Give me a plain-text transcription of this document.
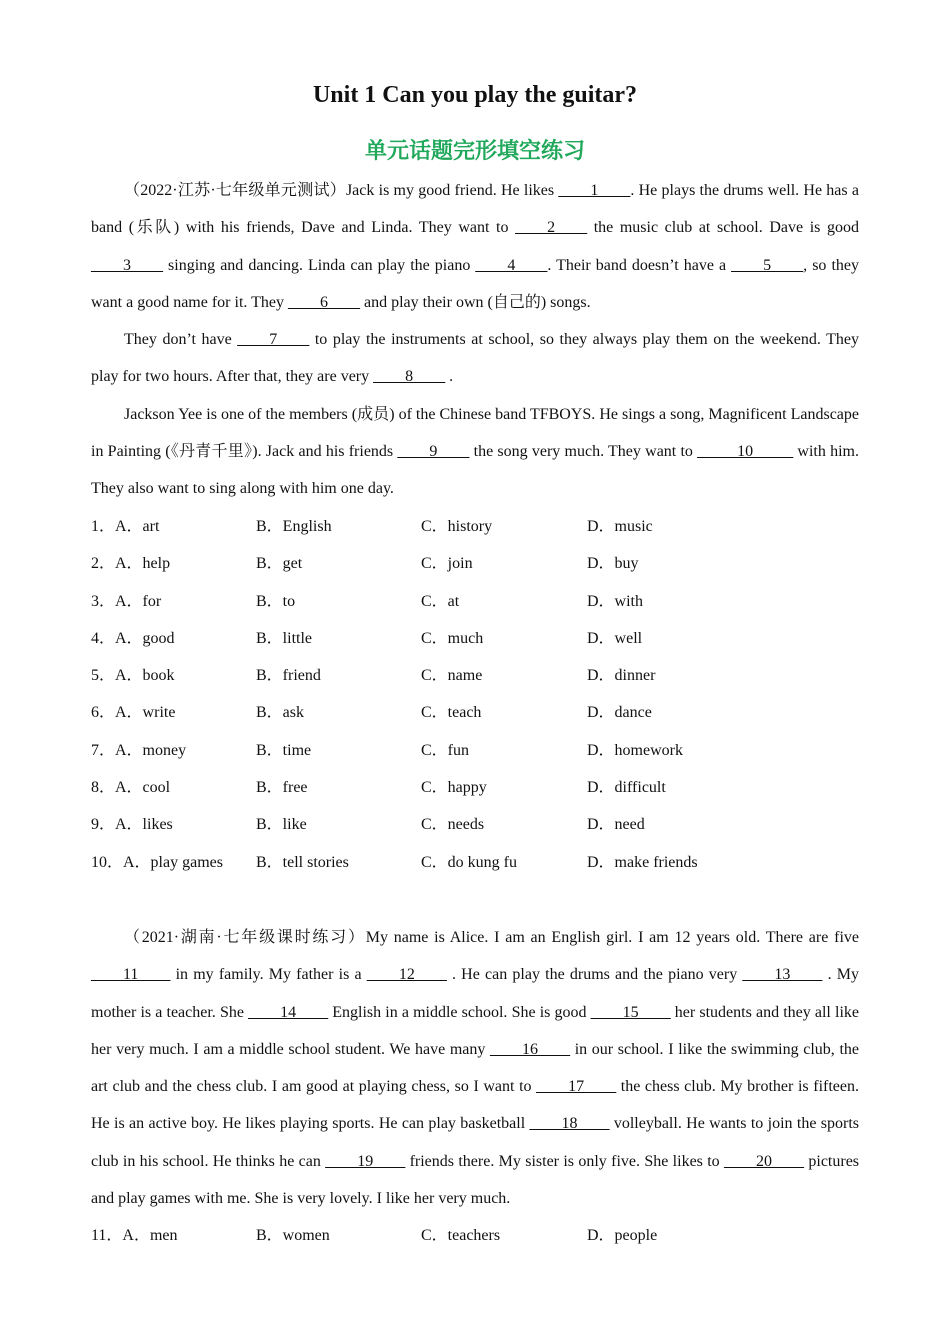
Unit 1 Can you play the guitar?
单元话题完形填空练习

（2022·江苏·七年级单元测试）Jack is my good friend. He likes ____1____. He plays the drums well. He has a band (乐队) with his friends, Dave and Linda. They want to ____2____ the music club at school. Dave is good ____3____ singing and dancing. Linda can play the piano ____4____. Their band doesn’t have a ____5____, so they want a good name for it. They ____6____ and play their own (自己的) songs.

They don’t have ____7____ to play the instruments at school, so they always play them on the weekend. They play for two hours. After that, they are very ____8____ .

Jackson Yee is one of the members (成员) of the Chinese band TFBOYS. He sings a song, Magnificent Landscape in Painting (《丹青千里》). Jack and his friends ____9____ the song very much. They want to _____10_____ with him. They also want to sing along with him one day.

1．A．art	B．English	C．history	D．music
2．A．help	B．get	C．join	D．buy
3．A．for	B．to	C．at	D．with
4．A．good	B．little	C．much	D．well
5．A．book	B．friend	C．name	D．dinner
6．A．write	B．ask	C．teach	D．dance
7．A．money	B．time	C．fun	D．homework
8．A．cool	B．free	C．happy	D．difficult
9．A．likes	B．like	C．needs	D．need
10．A．play games B．tell stories	C．do kung fu	D．make friends

（2021·湖南·七年级课时练习）My name is Alice. I am an English girl. I am 12 years old. There are five ____11____ in my family. My father is a ____12____ . He can play the drums and the piano very ____13____ . My mother is a teacher. She ____14____ English in a middle school. She is good ____15____ her students and they all like her very much. I am a middle school student. We have many ____16____ in our school. I like the swimming club, the art club and the chess club. I am good at playing chess, so I want to ____17____ the chess club. My brother is fifteen. He is an active boy. He likes playing sports. He can play basketball ____18____ volleyball. He wants to join the sports club in his school. He thinks he can ____19____ friends there. My sister is only five. She likes to ____20____ pictures and play games with me. She is very lovely. I like her very much.

11．A．men	B．women	C．teachers	D．people
